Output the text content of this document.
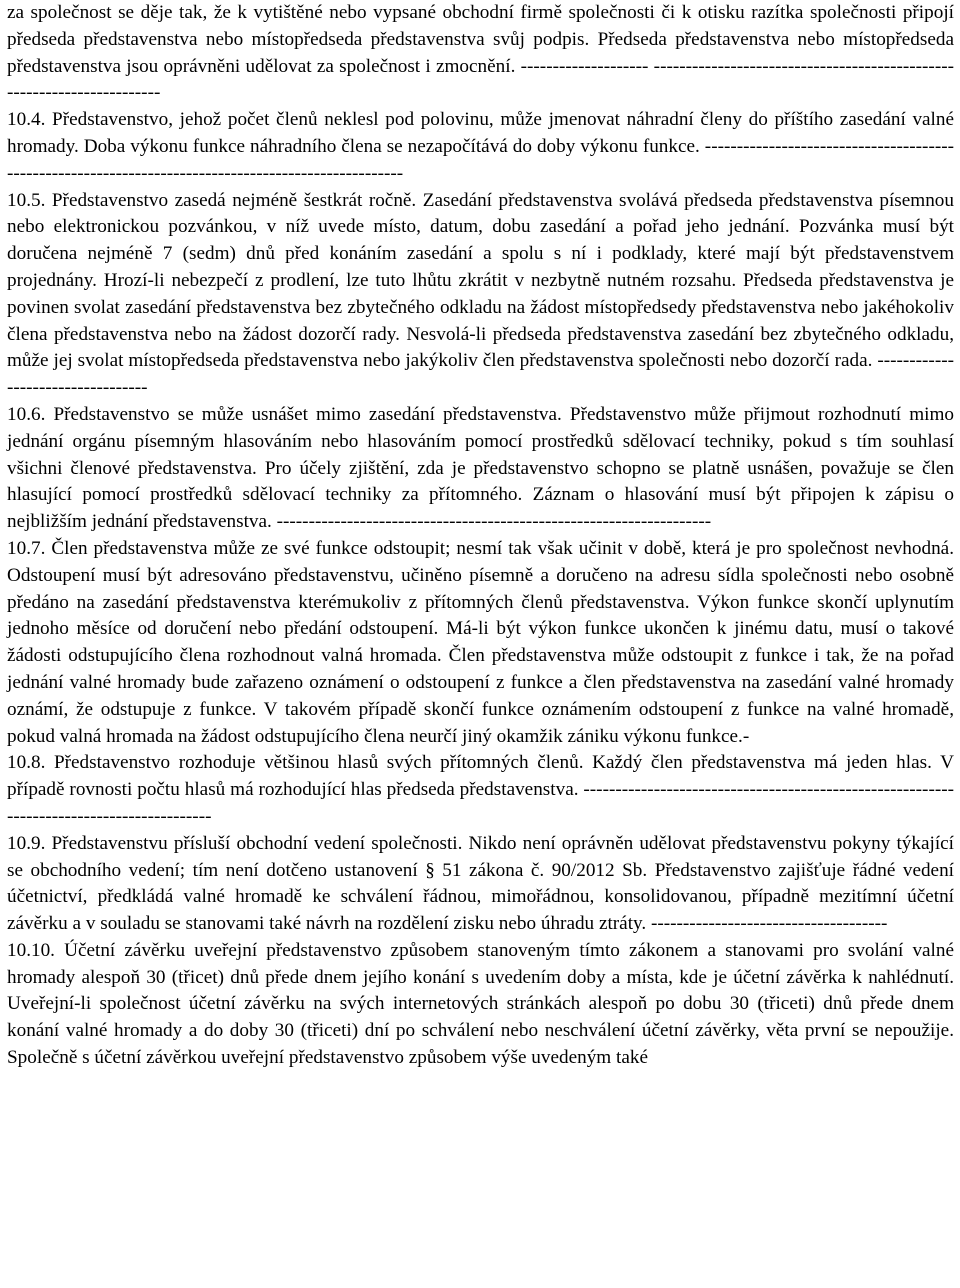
za společnost se děje tak, že k vytištěné nebo vypsané obchodní firmě společnosti či k otisku razítka společnosti připojí předseda představenstva nebo místopředseda představenstva svůj podpis. Předseda představenstva nebo místopředseda představenstva jsou oprávněni udělovat za společnost i zmocnění. -------------------- -----------------------------------------------------------------------

10.4. Představenstvo, jehož počet členů neklesl pod polovinu, může jmenovat náhradní členy do příštího zasedání valné hromady. Doba výkonu funkce náhradního člena se nezapočítává do doby výkonu funkce. -----------------------------------------------------------------------------------------------------

10.5. Představenstvo zasedá nejméně šestkrát ročně. Zasedání představenstva svolává předseda představenstva písemnou nebo elektronickou pozvánkou, v níž uvede místo, datum, dobu zasedání a pořad jeho jednání. Pozvánka musí být doručena nejméně 7 (sedm) dnů před konáním zasedání a spolu s ní i podklady, které mají být představenstvem projednány. Hrozí-li nebezpečí z prodlení, lze tuto lhůtu zkrátit v nezbytně nutném rozsahu. Předseda představenstva je povinen svolat zasedání představenstva bez zbytečného odkladu na žádost místopředsedy představenstva nebo jakéhokoliv člena představenstva nebo na žádost dozorčí rady. Nesvolá-li předseda představenstva zasedání bez zbytečného odkladu, může jej svolat místopředseda představenstva nebo jakýkoliv člen představenstva společnosti nebo dozorčí rada. ----------------------------------

10.6. Představenstvo se může usnášet mimo zasedání představenstva. Představenstvo může přijmout rozhodnutí mimo jednání orgánu písemným hlasováním nebo hlasováním pomocí prostředků sdělovací techniky, pokud s tím souhlasí všichni členové představenstva. Pro účely zjištění, zda je představenstvo schopno se platně usnášen, považuje se člen hlasující pomocí prostředků sdělovací techniky za přítomného. Záznam o hlasování musí být připojen k zápisu o nejbližším jednání představenstva. --------------------------------------------------------------------

10.7. Člen představenstva může ze své funkce odstoupit; nesmí tak však učinit v době, která je pro společnost nevhodná. Odstoupení musí být adresováno představenstvu, učiněno písemně a doručeno na adresu sídla společnosti nebo osobně předáno na zasedání představenstva kterémukoliv z přítomných členů představenstva. Výkon funkce skončí uplynutím jednoho měsíce od doručení nebo předání odstoupení. Má-li být výkon funkce ukončen k jinému datu, musí o takové žádosti odstupujícího člena rozhodnout valná hromada. Člen představenstva může odstoupit z funkce i tak, že na pořad jednání valné hromady bude zařazeno oznámení o odstoupení z funkce a člen představenstva na zasedání valné hromady oznámí, že odstupuje z funkce. V takovém případě skončí funkce oznámením odstoupení z funkce na valné hromadě, pokud valná hromada na žádost odstupujícího člena neurčí jiný okamžik zániku výkonu funkce.-

10.8. Představenstvo rozhoduje většinou hlasů svých přítomných členů. Každý člen představenstva má jeden hlas. V případě rovnosti počtu hlasů má rozhodující hlas předseda představenstva. ------------------------------------------------------------------------------------------

10.9. Představenstvu přísluší obchodní vedení společnosti. Nikdo není oprávněn udělovat představenstvu pokyny týkající se obchodního vedení; tím není dotčeno ustanovení § 51 zákona č. 90/2012 Sb. Představenstvo zajišťuje řádné vedení účetnictví, předkládá valné hromadě ke schválení řádnou, mimořádnou, konsolidovanou, případně mezitímní účetní závěrku a v souladu se stanovami také návrh na rozdělení zisku nebo úhradu ztráty. -------------------------------------

10.10. Účetní závěrku uveřejní představenstvo způsobem stanoveným tímto zákonem a stanovami pro svolání valné hromady alespoň 30 (třicet) dnů přede dnem jejího konání s uvedením doby a místa, kde je účetní závěrka k nahlédnutí. Uveřejní-li společnost účetní závěrku na svých internetových stránkách alespoň po dobu 30 (třiceti) dnů přede dnem konání valné hromady a do doby 30 (třiceti) dní po schválení nebo neschválení účetní závěrky, věta první se nepoužije. Společně s účetní závěrkou uveřejní představenstvo způsobem výše uvedeným také
